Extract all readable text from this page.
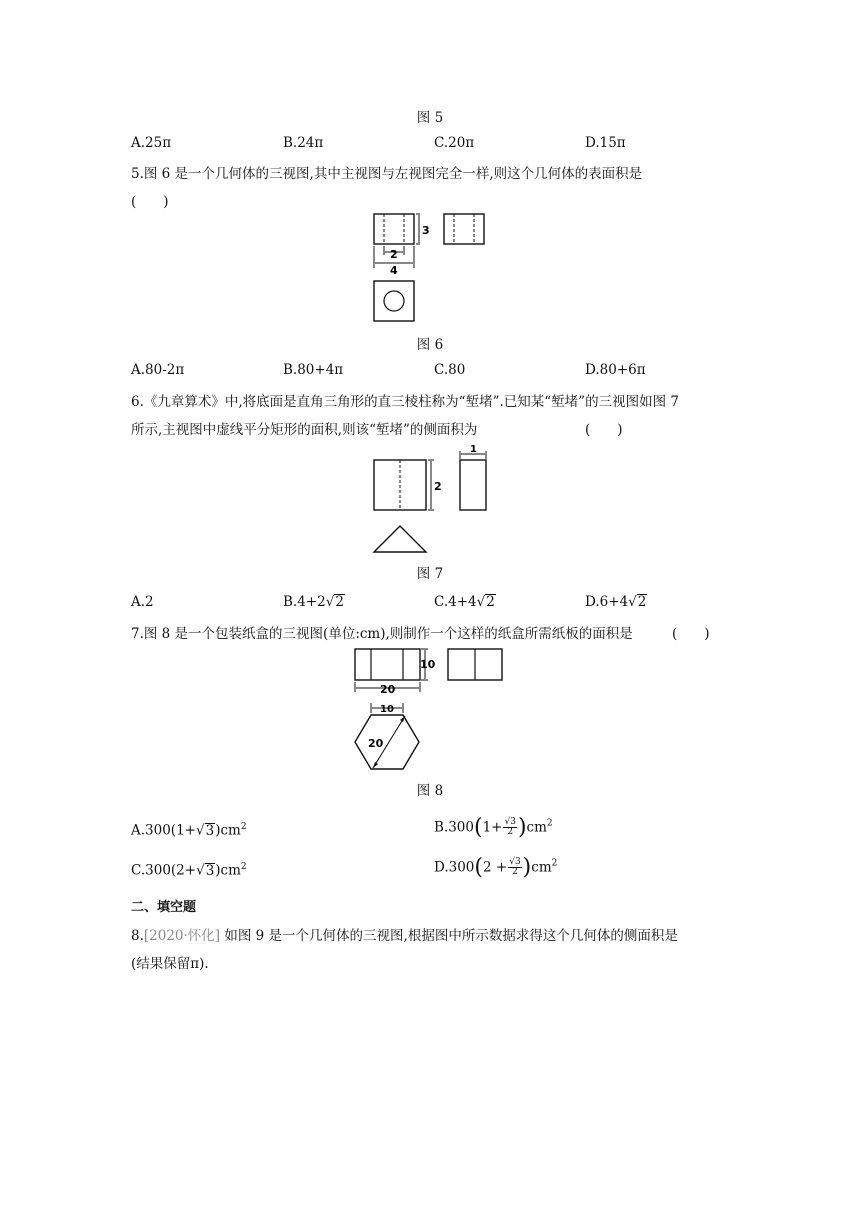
图 5
A.25π	B.24π	C.20π	D.15π
5.图 6 是一个几何体的三视图,其中主视图与左视图完全一样,则这个几何体的表面积是
(　　)
3
2
4
图 6
A.80-2π	B.80+4π	C.80	D.80+6π
6.《九章算术》中,将底面是直角三角形的直三棱柱称为“堑堵”.已知某“堑堵”的三视图如图 7
所示,主视图中虚线平分矩形的面积,则该“堑堵”的侧面积为	(　　)
2
1
图 7
A.2	B.4+2√2	C.4+4√2	D.6+4√2
7.图 8 是一个包装纸盒的三视图(单位:cm),则制作一个这样的纸盒所需纸板的面积是	(　　)
10
20
10
20
图 8
$A.300(1+√3)cm^2$	$B.300(1+ \frac{√3}{2} )cm^2$
$C.300(2+√3)cm^2$	$D.300(2 + \frac{√3}{2} )cm^2$
二、填空题
8.[2020·怀化] 如图 9 是一个几何体的三视图,根据图中所示数据求得这个几何体的侧面积是
(结果保留π).
